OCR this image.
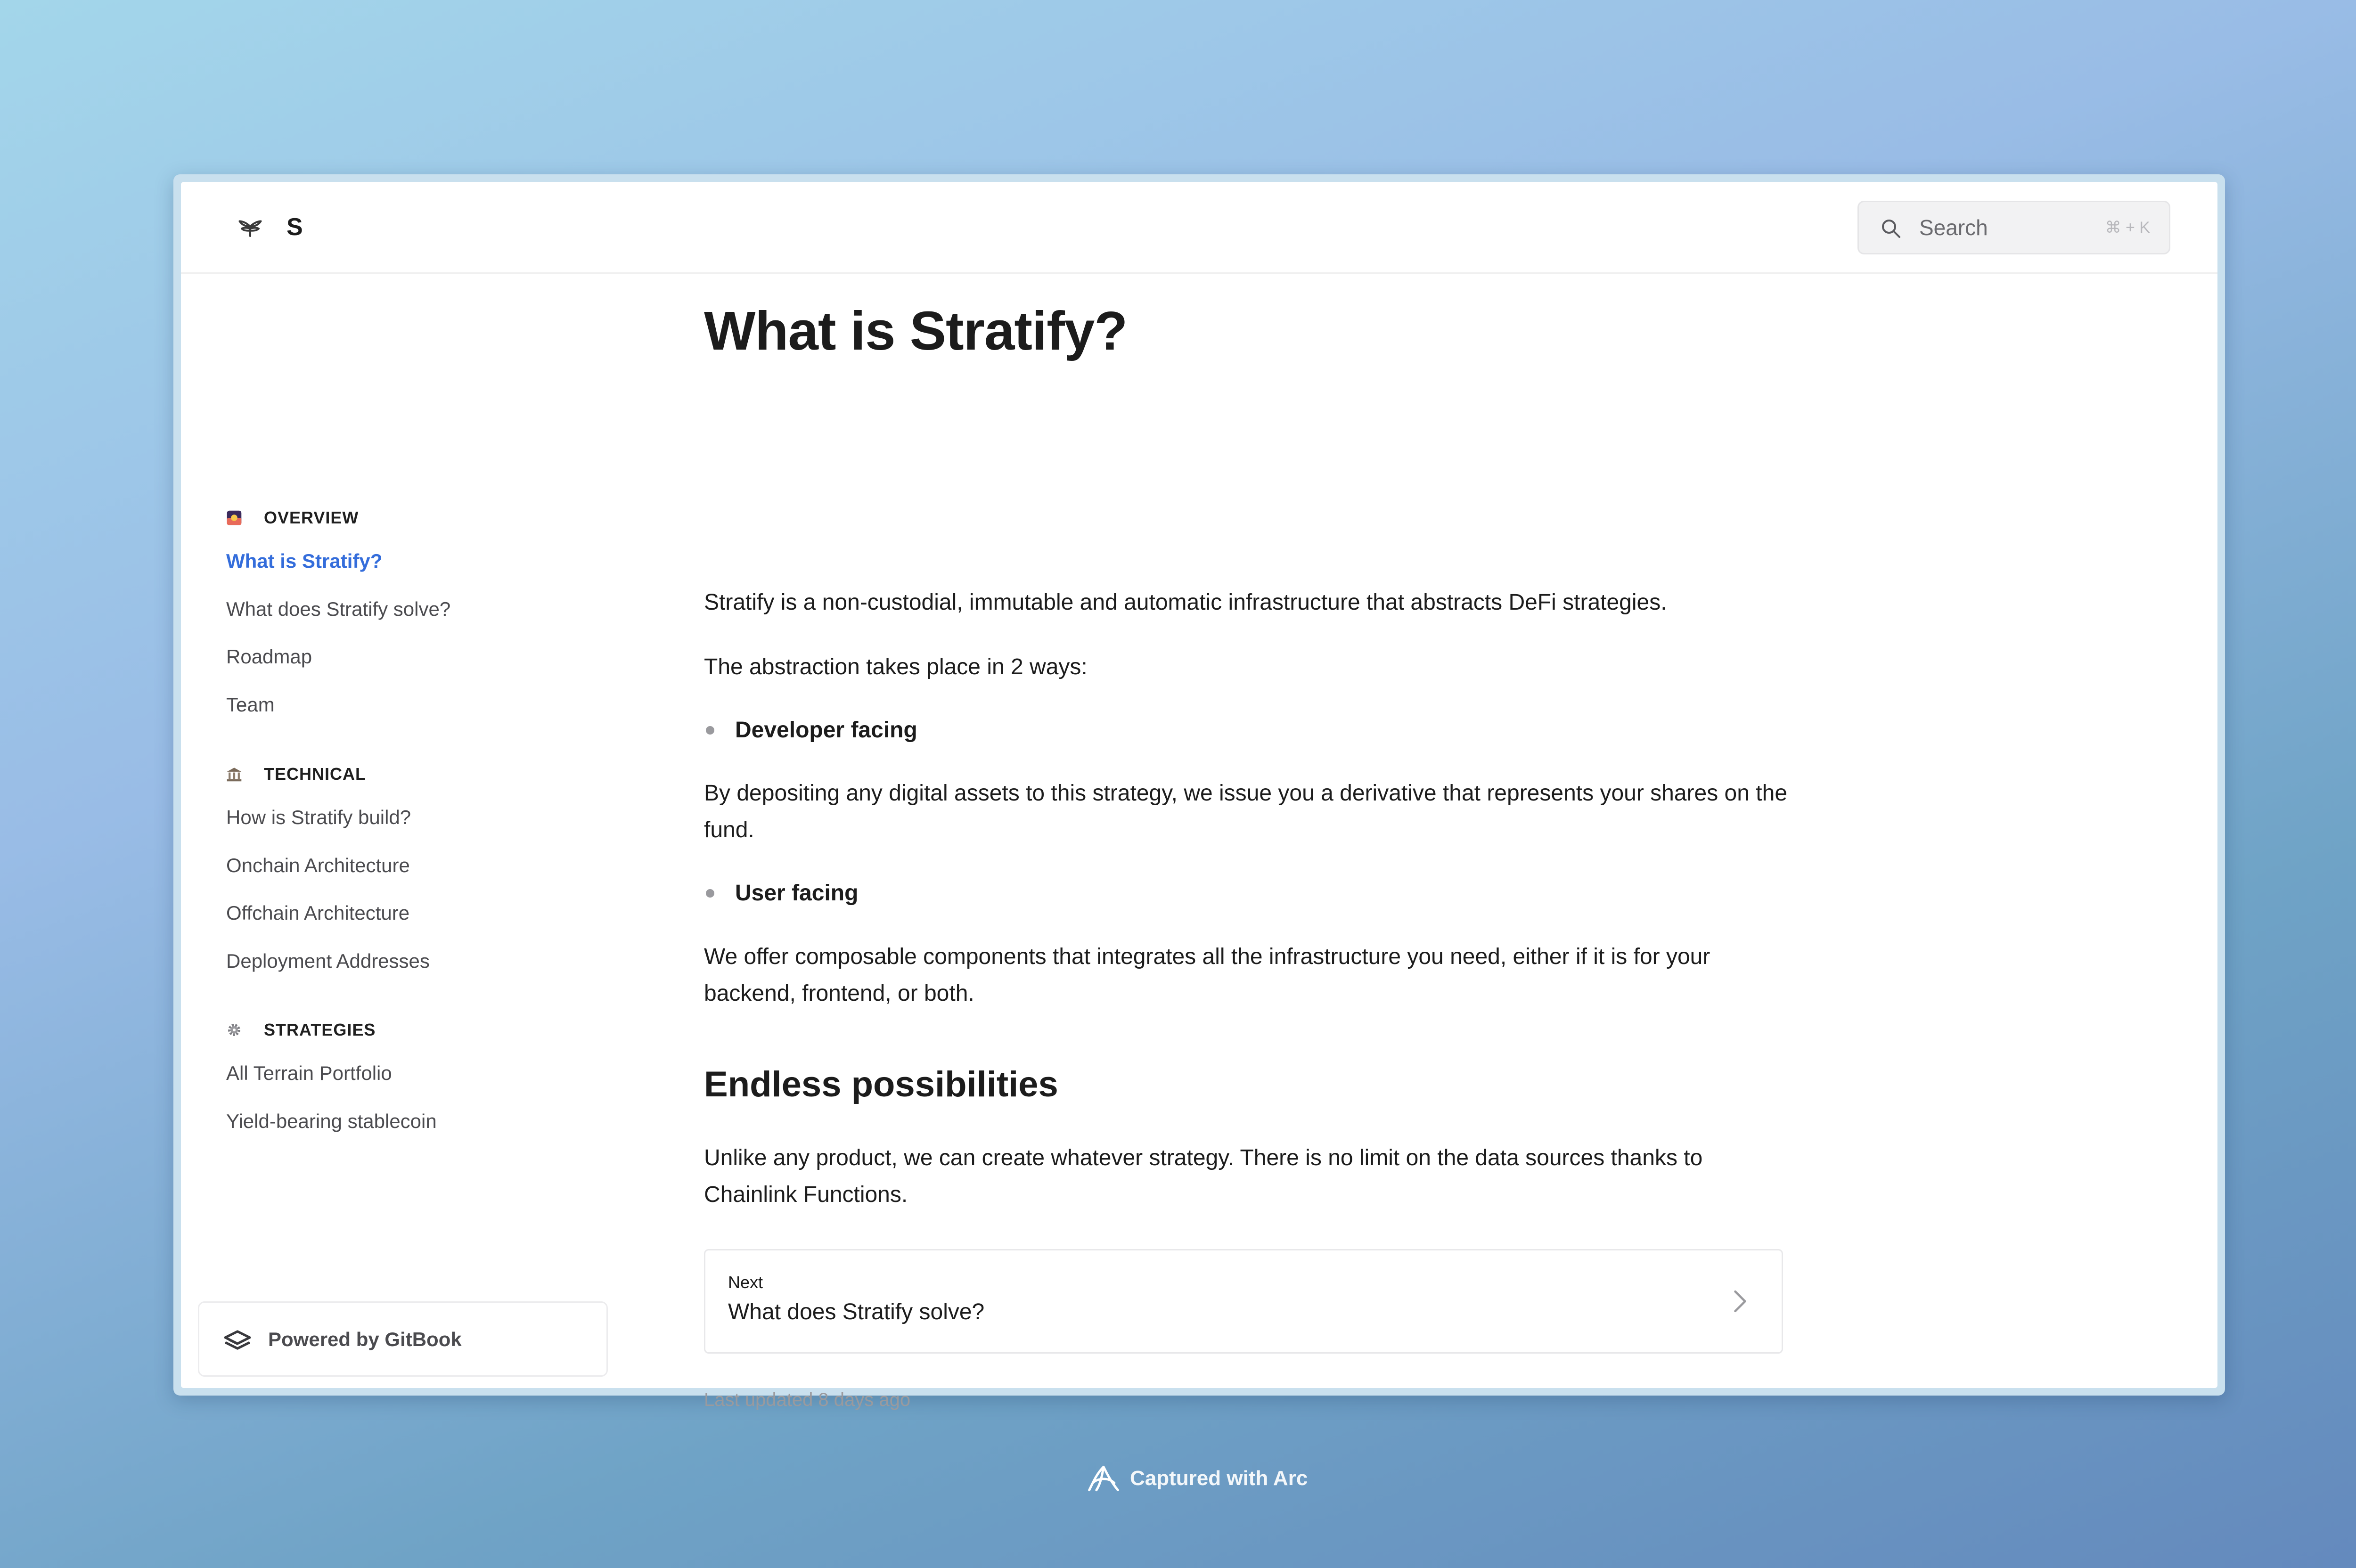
S	Search	⌘ + K
OVERVIEW
What is Stratify?
What does Stratify solve?
Roadmap
Team
TECHNICAL
How is Stratify build?
Onchain Architecture
Offchain Architecture
Deployment Addresses
STRATEGIES
All Terrain Portfolio
Yield-bearing stablecoin
Powered by GitBook
What is Stratify?
Stratify is a non-custodial, immutable and automatic infrastructure that abstracts DeFi strategies.
The abstraction takes place in 2 ways:
Developer facing
By depositing any digital assets to this strategy, we issue you a derivative that represents your shares on the fund.
User facing
We offer composable components that integrates all the infrastructure you need, either if it is for your backend, frontend, or both.
Endless possibilities
Unlike any product, we can create whatever strategy. There is no limit on the data sources thanks to Chainlink Functions.
Next
What does Stratify solve?
Last updated 8 days ago
Captured with Arc
